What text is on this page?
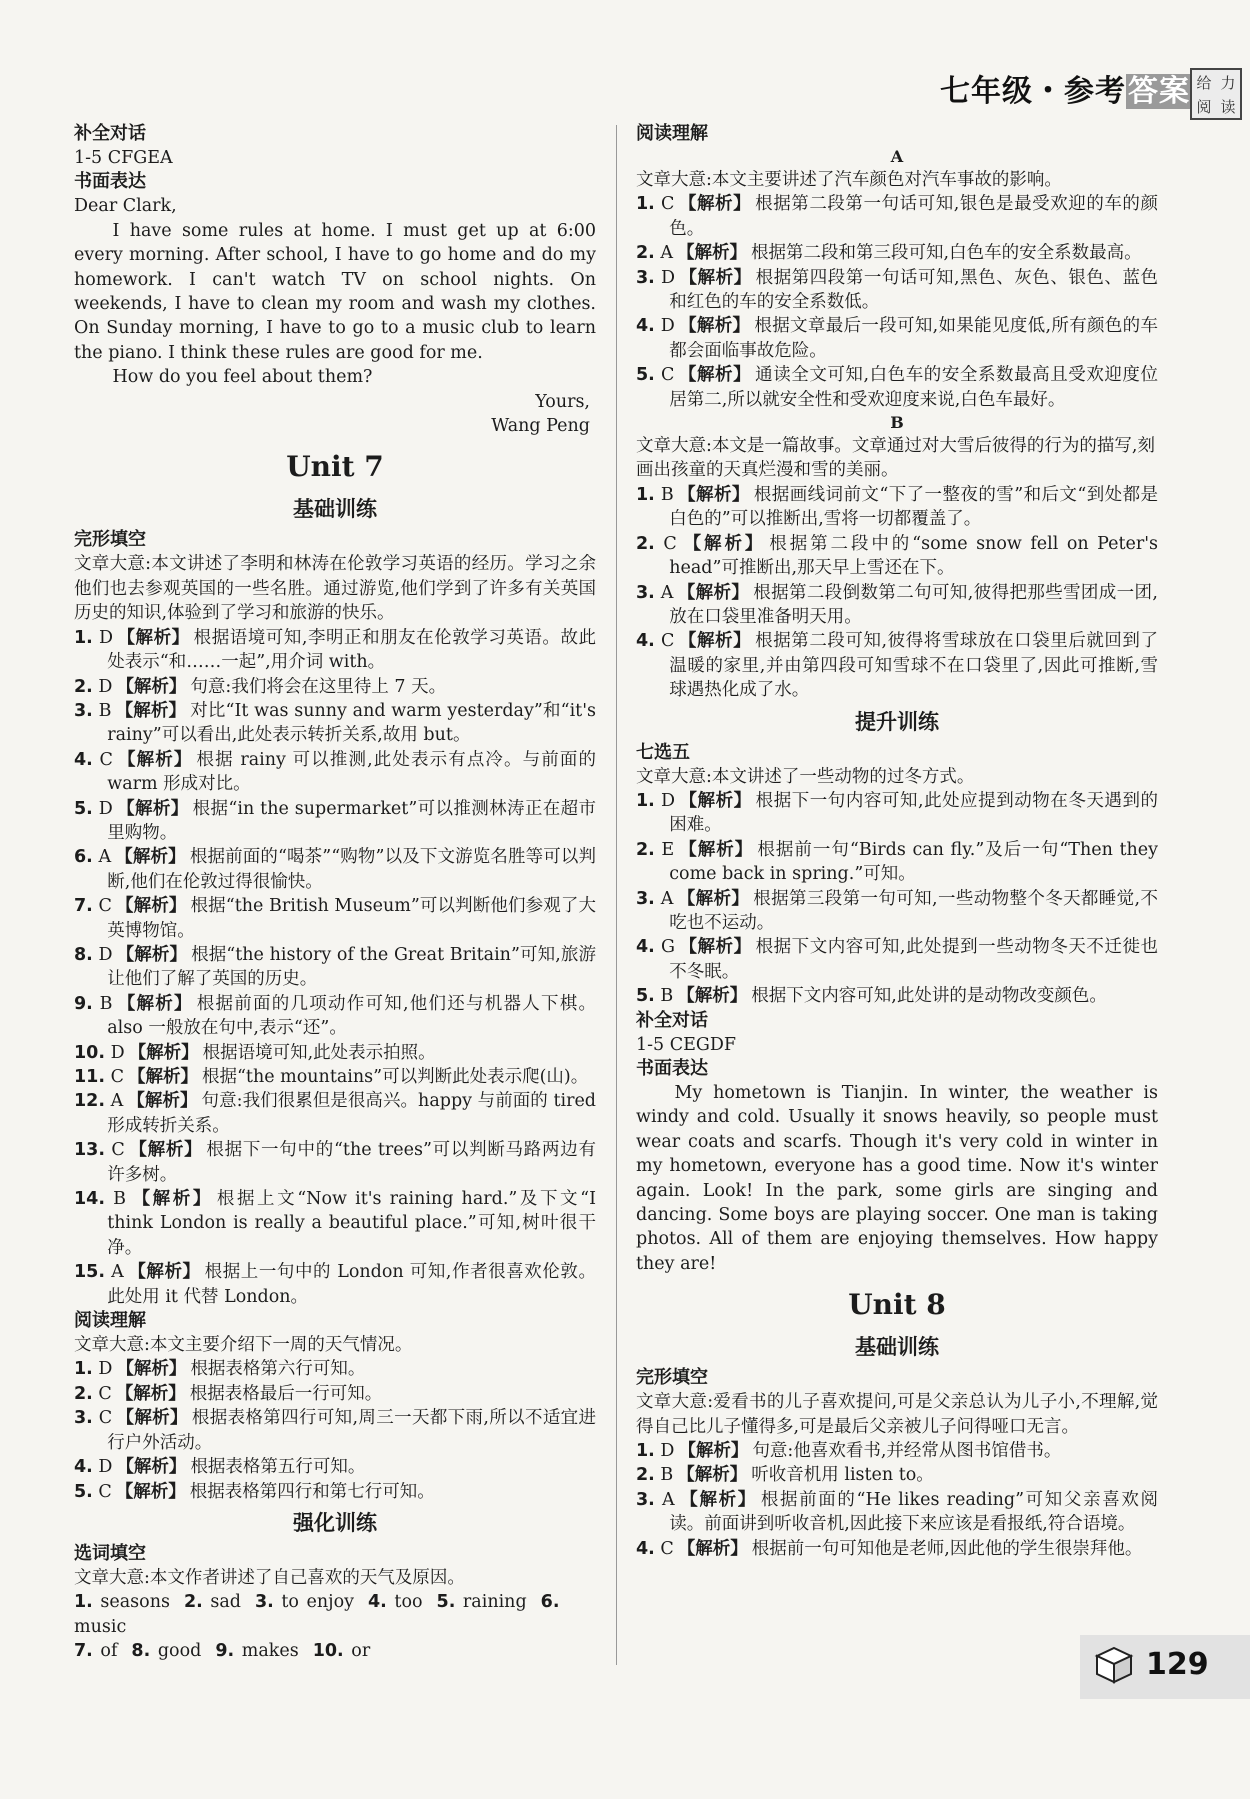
七年级・参考答案 给 力
阅 读
补全对话
1-5 CFGEA
书面表达
Dear Clark,
I have some rules at home. I must get up at 6:00 every morning. After school, I have to go home and do my homework. I can't watch TV on school nights. On weekends, I have to clean my room and wash my clothes. On Sunday morning, I have to go to a music club to learn the piano. I think these rules are good for me.
How do you feel about them?
Yours,
Wang Peng
Unit 7
基础训练
完形填空
文章大意:本文讲述了李明和林涛在伦敦学习英语的经历。学习之余他们也去参观英国的一些名胜。通过游览,他们学到了许多有关英国历史的知识,体验到了学习和旅游的快乐。
1. D 【解析】 根据语境可知,李明正和朋友在伦敦学习英语。故此处表示“和……一起”,用介词 with。
2. D 【解析】 句意:我们将会在这里待上 7 天。
3. B 【解析】 对比“It was sunny and warm yesterday”和“it's rainy”可以看出,此处表示转折关系,故用 but。
4. C 【解析】 根据 rainy 可以推测,此处表示有点冷。与前面的 warm 形成对比。
5. D 【解析】 根据“in the supermarket”可以推测林涛正在超市里购物。
6. A 【解析】 根据前面的“喝茶”“购物”以及下文游览名胜等可以判断,他们在伦敦过得很愉快。
7. C 【解析】 根据“the British Museum”可以判断他们参观了大英博物馆。
8. D 【解析】 根据“the history of the Great Britain”可知,旅游让他们了解了英国的历史。
9. B 【解析】 根据前面的几项动作可知,他们还与机器人下棋。also 一般放在句中,表示“还”。
10. D 【解析】 根据语境可知,此处表示拍照。
11. C 【解析】 根据“the mountains”可以判断此处表示爬(山)。
12. A 【解析】 句意:我们很累但是很高兴。happy 与前面的 tired 形成转折关系。
13. C 【解析】 根据下一句中的“the trees”可以判断马路两边有许多树。
14. B 【解析】 根据上文“Now it's raining hard.”及下文“I think London is really a beautiful place.”可知,树叶很干净。
15. A 【解析】 根据上一句中的 London 可知,作者很喜欢伦敦。此处用 it 代替 London。
阅读理解
文章大意:本文主要介绍下一周的天气情况。
1. D 【解析】 根据表格第六行可知。
2. C 【解析】 根据表格最后一行可知。
3. C 【解析】 根据表格第四行可知,周三一天都下雨,所以不适宜进行户外活动。
4. D 【解析】 根据表格第五行可知。
5. C 【解析】 根据表格第四行和第七行可知。
强化训练
选词填空
文章大意:本文作者讲述了自己喜欢的天气及原因。
1. seasons 2. sad 3. to enjoy 4. too 5. raining 6. music
7. of 8. good 9. makes 10. or
阅读理解
A
文章大意:本文主要讲述了汽车颜色对汽车事故的影响。
1. C 【解析】 根据第二段第一句话可知,银色是最受欢迎的车的颜色。
2. A 【解析】 根据第二段和第三段可知,白色车的安全系数最高。
3. D 【解析】 根据第四段第一句话可知,黑色、灰色、银色、蓝色和红色的车的安全系数低。
4. D 【解析】 根据文章最后一段可知,如果能见度低,所有颜色的车都会面临事故危险。
5. C 【解析】 通读全文可知,白色车的安全系数最高且受欢迎度位居第二,所以就安全性和受欢迎度来说,白色车最好。
B
文章大意:本文是一篇故事。文章通过对大雪后彼得的行为的描写,刻画出孩童的天真烂漫和雪的美丽。
1. B 【解析】 根据画线词前文“下了一整夜的雪”和后文“到处都是白色的”可以推断出,雪将一切都覆盖了。
2. C 【解析】 根据第二段中的“some snow fell on Peter's head”可推断出,那天早上雪还在下。
3. A 【解析】 根据第二段倒数第二句可知,彼得把那些雪团成一团,放在口袋里准备明天用。
4. C 【解析】 根据第二段可知,彼得将雪球放在口袋里后就回到了温暖的家里,并由第四段可知雪球不在口袋里了,因此可推断,雪球遇热化成了水。
提升训练
七选五
文章大意:本文讲述了一些动物的过冬方式。
1. D 【解析】 根据下一句内容可知,此处应提到动物在冬天遇到的困难。
2. E 【解析】 根据前一句“Birds can fly.”及后一句“Then they come back in spring.”可知。
3. A 【解析】 根据第三段第一句可知,一些动物整个冬天都睡觉,不吃也不运动。
4. G 【解析】 根据下文内容可知,此处提到一些动物冬天不迁徙也不冬眠。
5. B 【解析】 根据下文内容可知,此处讲的是动物改变颜色。
补全对话
1-5 CEGDF
书面表达
My hometown is Tianjin. In winter, the weather is windy and cold. Usually it snows heavily, so people must wear coats and scarfs. Though it's very cold in winter in my hometown, everyone has a good time. Now it's winter again. Look! In the park, some girls are singing and dancing. Some boys are playing soccer. One man is taking photos. All of them are enjoying themselves. How happy they are!
Unit 8
基础训练
完形填空
文章大意:爱看书的儿子喜欢提问,可是父亲总认为儿子小,不理解,觉得自己比儿子懂得多,可是最后父亲被儿子问得哑口无言。
1. D 【解析】 句意:他喜欢看书,并经常从图书馆借书。
2. B 【解析】 听收音机用 listen to。
3. A 【解析】 根据前面的“He likes reading”可知父亲喜欢阅读。前面讲到听收音机,因此接下来应该是看报纸,符合语境。
4. C 【解析】 根据前一句可知他是老师,因此他的学生很崇拜他。
129
